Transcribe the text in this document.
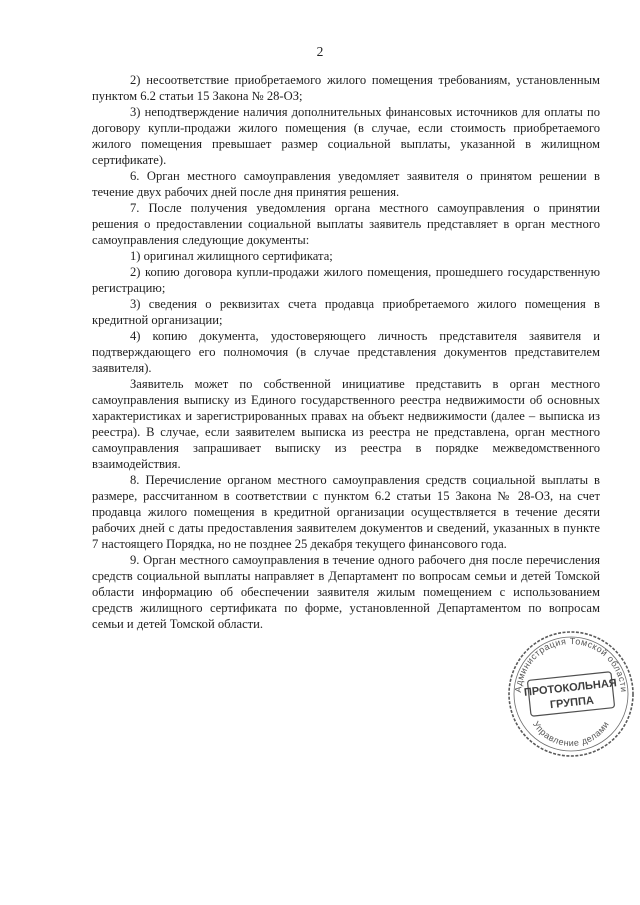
2

2) несоответствие приобретаемого жилого помещения требованиям, установленным пунктом 6.2 статьи 15 Закона № 28-ОЗ;

3) неподтверждение наличия дополнительных финансовых источников для оплаты по договору купли-продажи жилого помещения (в случае, если стоимость приобретаемого жилого помещения превышает размер социальной выплаты, указанной в жилищном сертификате).

6. Орган местного самоуправления уведомляет заявителя о принятом решении в течение двух рабочих дней после дня принятия решения.

7. После получения уведомления органа местного самоуправления о принятии решения о предоставлении социальной выплаты заявитель представляет в орган местного самоуправления следующие документы:

1) оригинал жилищного сертификата;

2) копию договора купли-продажи жилого помещения, прошедшего государственную регистрацию;

3) сведения о реквизитах счета продавца приобретаемого жилого помещения в кредитной организации;

4) копию документа, удостоверяющего личность представителя заявителя и подтверждающего его полномочия (в случае представления документов представителем заявителя).

Заявитель может по собственной инициативе представить в орган местного самоуправления выписку из Единого государственного реестра недвижимости об основных характеристиках и зарегистрированных правах на объект недвижимости (далее – выписка из реестра). В случае, если заявителем выписка из реестра не представлена, орган местного самоуправления запрашивает выписку из реестра в порядке межведомственного взаимодействия.

8. Перечисление органом местного самоуправления средств социальной выплаты в размере, рассчитанном в соответствии с пунктом 6.2 статьи 15 Закона № 28-ОЗ, на счет продавца жилого помещения в кредитной организации осуществляется в течение десяти рабочих дней с даты предоставления заявителем документов и сведений, указанных в пункте 7 настоящего Порядка, но не позднее 25 декабря текущего финансового года.

9. Орган местного самоуправления в течение одного рабочего дня после перечисления средств социальной выплаты направляет в Департамент по вопросам семьи и детей Томской области информацию об обеспечении заявителя жилым помещением с использованием средств жилищного сертификата по форме, установленной Департаментом по вопросам семьи и детей Томской области.

Администрация Томской области
Управление делами
ПРОТОКОЛЬНАЯ
ГРУППА
